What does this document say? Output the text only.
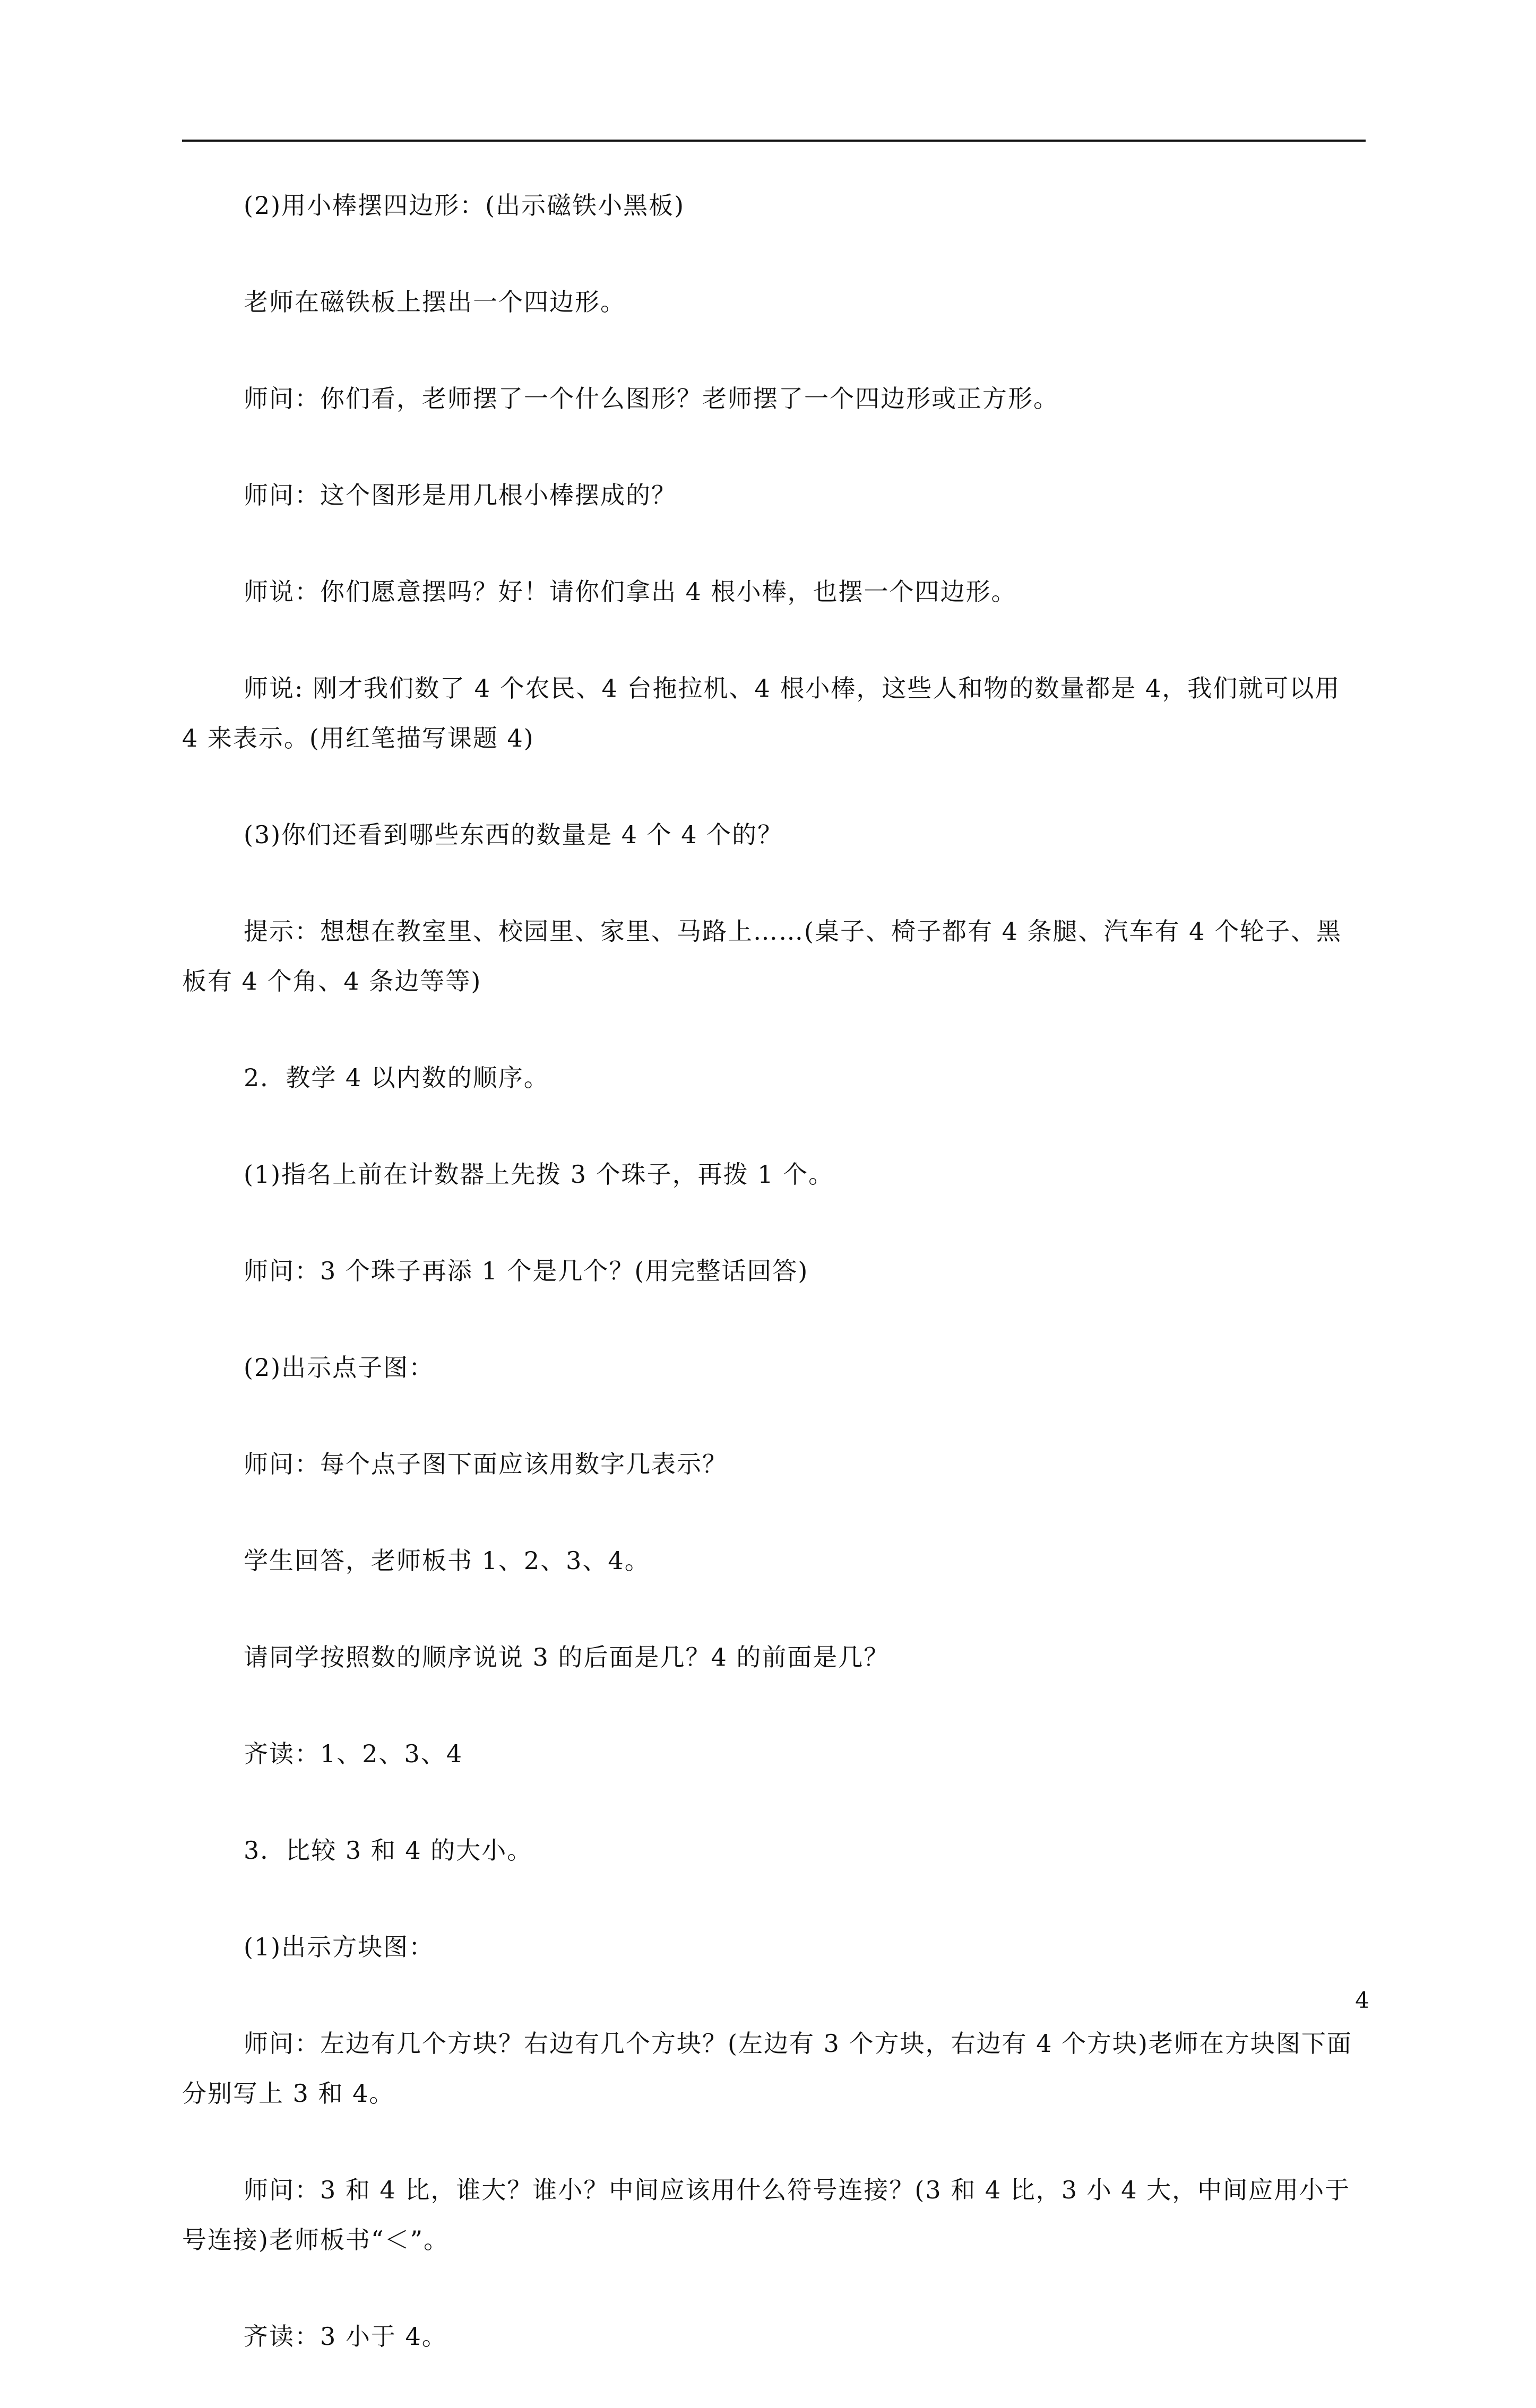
(2)用小棒摆四边形：(出示磁铁小黑板)

老师在磁铁板上摆出一个四边形。

师问：你们看，老师摆了一个什么图形？老师摆了一个四边形或正方形。

师问：这个图形是用几根小棒摆成的？

师说：你们愿意摆吗？好！请你们拿出 4 根小棒，也摆一个四边形。

师说: 刚才我们数了 4 个农民、4 台拖拉机、4 根小棒，这些人和物的数量都是 4，我们就可以用 4 来表示。(用红笔描写课题 4)

(3)你们还看到哪些东西的数量是 4 个 4 个的？

提示：想想在教室里、校园里、家里、马路上……(桌子、椅子都有 4 条腿、汽车有 4 个轮子、黑板有 4 个角、4 条边等等)

2．教学 4 以内数的顺序。

(1)指名上前在计数器上先拨 3 个珠子，再拨 1 个。

师问：3 个珠子再添 1 个是几个？(用完整话回答)

(2)出示点子图：

师问：每个点子图下面应该用数字几表示？

学生回答，老师板书 1、2、3、4。

请同学按照数的顺序说说 3 的后面是几？4 的前面是几？

齐读：1、2、3、4

3．比较 3 和 4 的大小。

(1)出示方块图：

师问：左边有几个方块？右边有几个方块？(左边有 3 个方块，右边有 4 个方块)老师在方块图下面分别写上 3 和 4。

师问：3 和 4 比，谁大？谁小？中间应该用什么符号连接？(3 和 4 比，3 小 4 大，中间应用小于号连接)老师板书“＜”。

齐读：3 小于 4。

4
